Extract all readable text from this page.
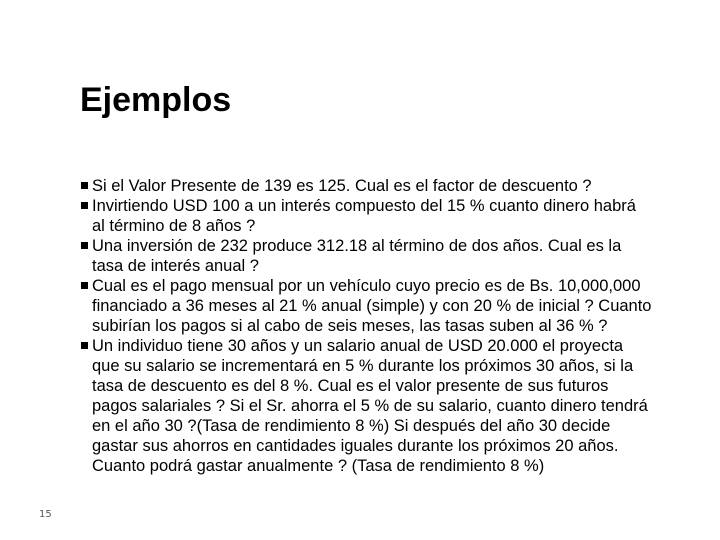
Ejemplos
Si el Valor Presente de 139 es 125. Cual es el factor de descuento ?
Invirtiendo USD 100 a un interés compuesto del 15 % cuanto dinero habrá
al término de 8 años ?
Una inversión de 232 produce 312.18 al término de dos años. Cual es la
tasa de interés anual ?
Cual es el pago mensual por un vehículo cuyo precio es de Bs. 10,000,000
financiado a 36 meses al 21 % anual (simple) y con 20 % de inicial ? Cuanto
subirían los pagos si al cabo de seis meses, las tasas suben al 36 % ?
Un individuo tiene 30 años y un salario anual de USD 20.000 el proyecta
que su salario se incrementará en 5 % durante los próximos 30 años, si la
tasa de descuento es del 8 %. Cual es el valor presente de sus futuros
pagos salariales ? Si el Sr. ahorra el 5 % de su salario, cuanto dinero tendrá
en el año 30 ?(Tasa de rendimiento 8 %) Si después del año 30 decide
gastar sus ahorros en cantidades iguales durante los próximos 20 años.
Cuanto podrá gastar anualmente ? (Tasa de rendimiento 8 %)
15
